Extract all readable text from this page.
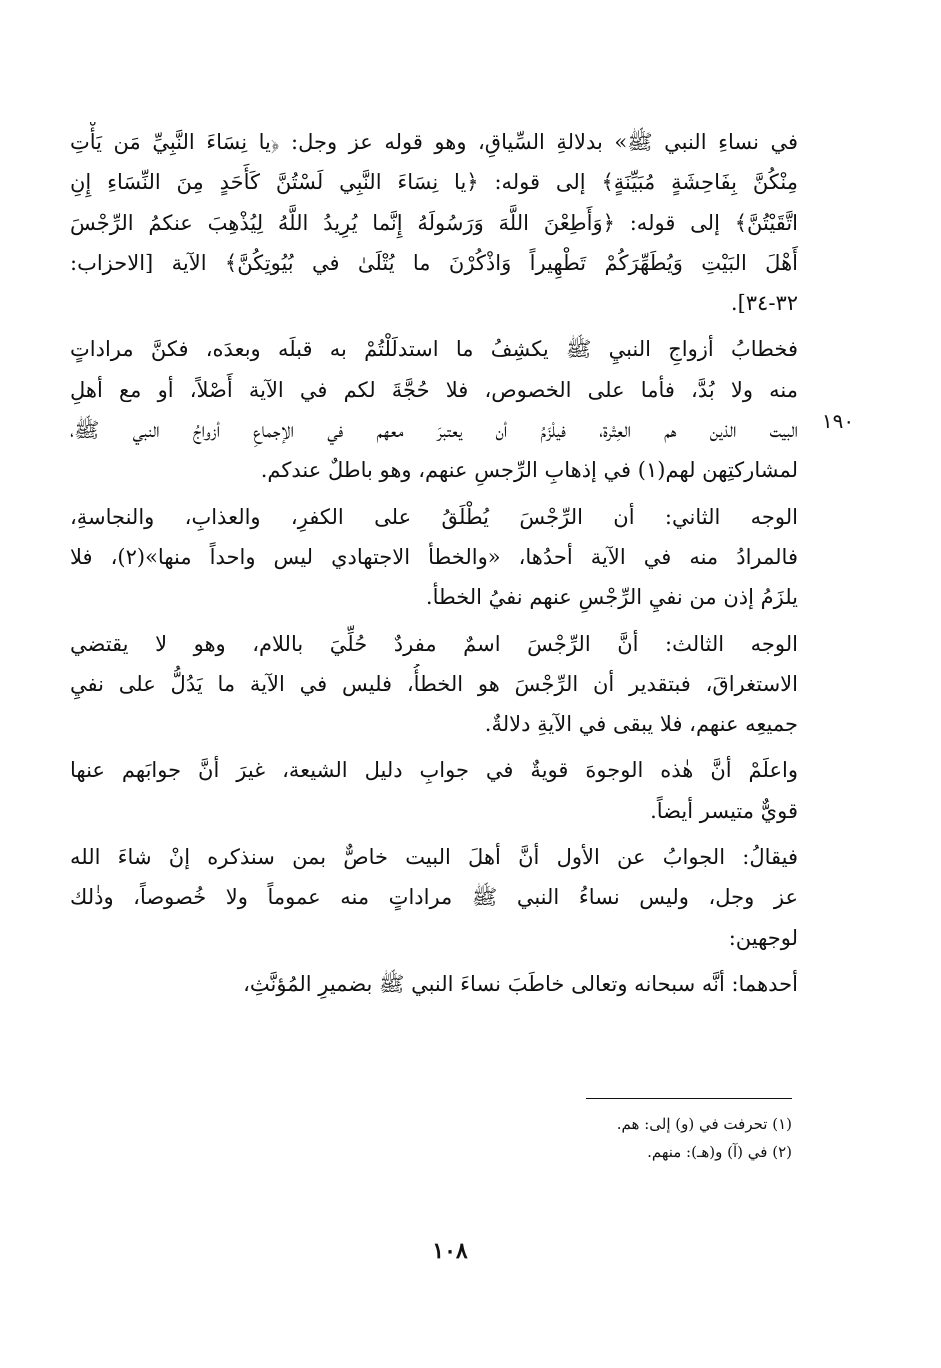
في نساءِ النبي ﷺ» بدلالةِ السِّياقِ، وهو قوله عز وجل: ﴿يا نِسَاءَ النَّبِيِّ مَن يَأْتِ
مِنْكُنَّ بِفَاحِشَةٍ مُبَيِّنَةٍ﴾ إلى قوله: ﴿يا نِسَاءَ النَّبِي لَسْتُنَّ كَأَحَدٍ مِنَ النِّسَاءِ إِنِ
اتَّقَيْتُنَّ﴾ إلى قوله: ﴿وَأَطِعْنَ اللَّهَ وَرَسُولَهُ إِنَّما يُرِيدُ اللَّهُ لِيُذْهِبَ عنكمُ الرِّجْسَ
أَهْلَ البَيْتِ وَيُطَهِّرَكُمْ تَطْهِيراً وَاذْكُرْنَ ما يُتْلَىٰ في بُيُوتِكُنَّ﴾ الآية [الاحزاب:
٣٢-٣٤].
فخطابُ أزواجِ النبيِ ﷺ يكشِفُ ما استدلَلْتُمْ به قبلَه وبعدَه، فكنَّ مراداتٍ
منه ولا بُدَّ، فأما على الخصوص، فلا حُجَّةَ لكم في الآية أَصْلاً، أو مع أهلِ
البيت الذين هم العِتْرة، فيلْزَمُ أن يعتبرَ معهم في الإجماعِ أزواجُ النبي ﷺ،
لمشاركتِهن لهم(١) في إذهابِ الرِّجسِ عنهم، وهو باطلٌ عندكم.
الوجه الثاني: أن الرِّجْسَ يُطْلَقُ على الكفرِ، والعذابِ، والنجاسةِ،
فالمرادُ منه في الآية أحدُها، «والخطأ الاجتهادي ليس واحداً منها»(٢)، فلا
يلزَمُ إذن من نفيِ الرِّجْسِ عنهم نفيُ الخطأ.
الوجه الثالث: أنَّ الرِّجْسَ اسمٌ مفردٌ حُلِّيَ باللام، وهو لا يقتضي
الاستغراقَ، فبتقدير أن الرِّجْسَ هو الخطأُ، فليس في الآية ما يَدُلُّ على نفيِ
جميعِه عنهم، فلا يبقى في الآيةِ دلالةٌ.
واعلَمْ أنَّ هٰذه الوجوهَ قويةٌ في جوابِ دليل الشيعة، غيرَ أنَّ جوابَهم عنها
قويٌّ متيسر أيضاً.
فيقالُ: الجوابُ عن الأول أنَّ أهلَ البيت خاصٌّ بمن سنذكره إنْ شاءَ الله
عز وجل، وليس نساءُ النبي ﷺ مراداتٍ منه عموماً ولا خُصوصاً، وذٰلك
لوجهين:
أحدهما: أنَّه سبحانه وتعالى خاطَبَ نساءَ النبي ﷺ بضميرِ المُؤنَّثِ،
١٩٠
(١) تحرفت في (و) إلى: هم.
(٢) في (آ) و(هـ): منهم.
١٠٨
